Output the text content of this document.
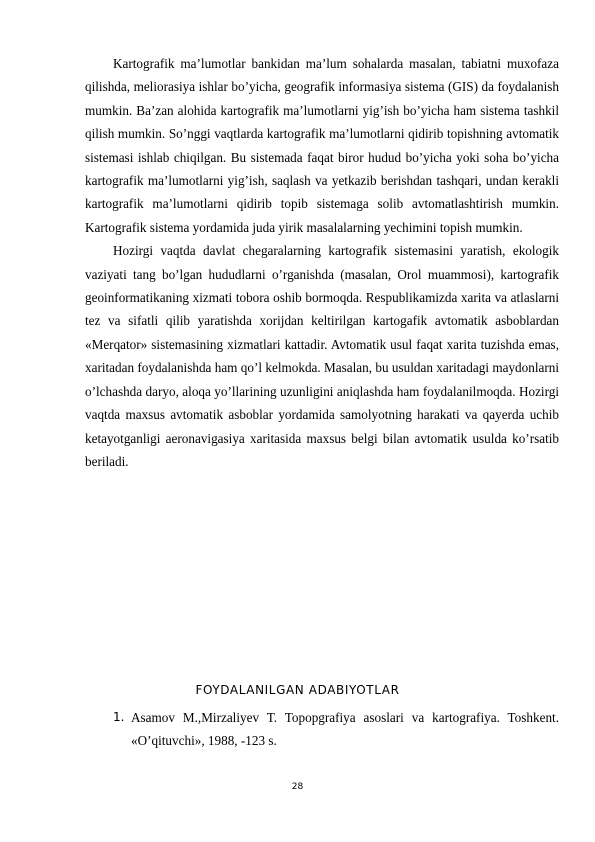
Kartografik ma’lumotlar bankidan ma’lum sohalarda masalan, tabiatni muxofaza qilishda, meliorasiya ishlar bo’yicha, geografik informasiya sistema (GIS) da foydalanish mumkin. Ba’zan alohida kartografik ma’lumotlarni yig’ish bo’yicha ham sistema tashkil qilish mumkin. So’nggi vaqtlarda kartografik ma’lumotlarni qidirib topishning avtomatik sistemasi ishlab chiqilgan. Bu sistemada faqat biror hudud bo’yicha yoki soha bo’yicha kartografik ma’lumotlarni yig’ish, saqlash va yetkazib berishdan tashqari, undan kerakli kartografik ma’lumotlarni qidirib topib sistemaga solib avtomatlashtirish mumkin. Kartografik sistema yordamida juda yirik masalalarning yechimini topish mumkin.

Hozirgi vaqtda davlat chegaralarning kartografik sistemasini yaratish, ekologik vaziyati tang bo’lgan hududlarni o’rganishda (masalan, Orol muammosi), kartografik geoinformatikaning xizmati tobora oshib bormoqda. Respublikamizda xarita va atlaslarni tez va sifatli qilib yaratishda xorijdan keltirilgan kartogafik avtomatik asboblardan «Merqator» sistemasining xizmatlari kattadir. Avtomatik usul faqat xarita tuzishda emas, xaritadan foydalanishda ham qo’l kelmokda. Masalan, bu usuldan xaritadagi maydonlarni o’lchashda daryo, aloqa yo’llarining uzunligini aniqlashda ham foydalanilmoqda. Hozirgi vaqtda maxsus avtomatik asboblar yordamida samolyotning harakati va qayerda uchib ketayotganligi aeronavigasiya xaritasida maxsus belgi bilan avtomatik usulda ko’rsatib beriladi.

FOYDALANILGAN ADABIYOTLAR
1. Asamov M.,Mirzaliyev T. Topopgrafiya asoslari va kartografiya. Toshkent. «O’qituvchi», 1988, -123 s.
28
